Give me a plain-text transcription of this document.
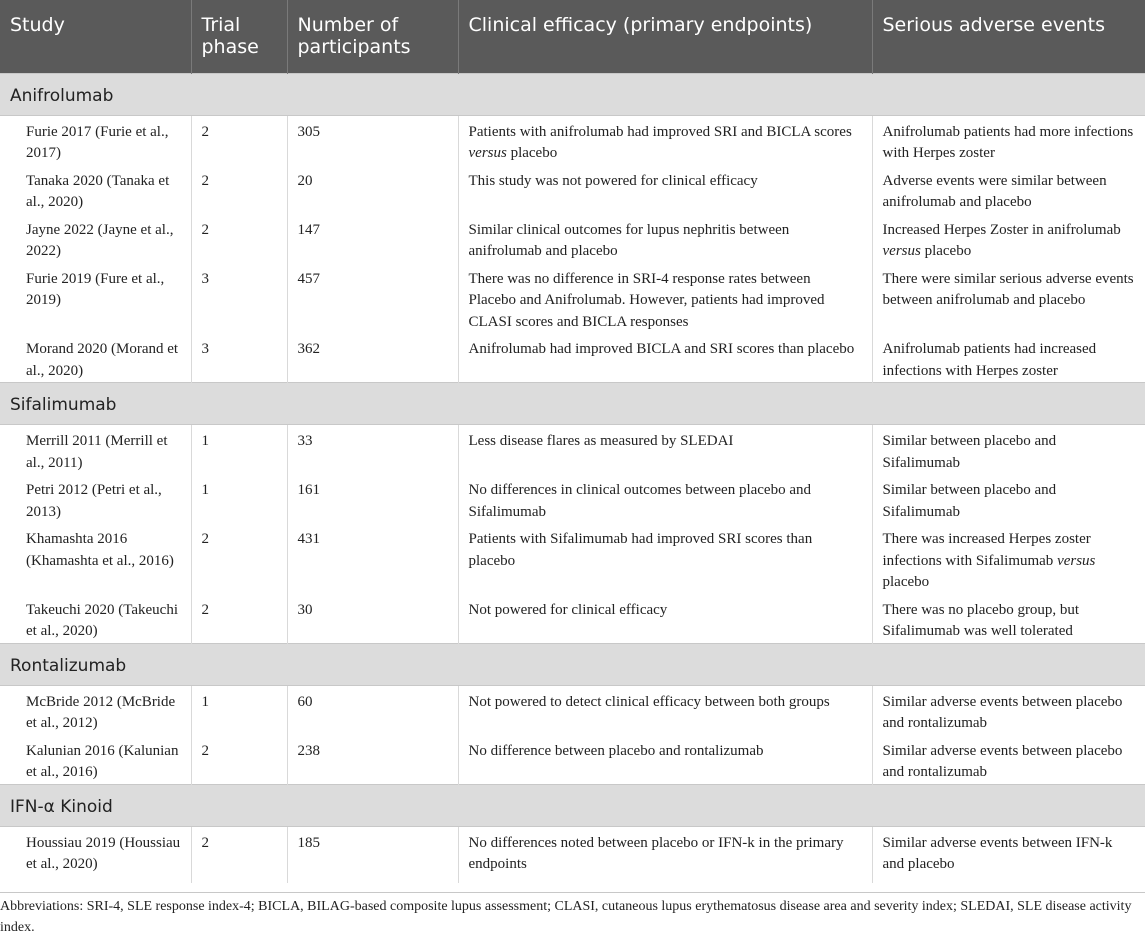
Study	Trial phase	Number of participants	Clinical efficacy (primary endpoints)	Serious adverse events
Anifrolumab				
Furie 2017 (Furie et al., 2017)	2	305	Patients with anifrolumab had improved SRI and BICLA scores versus placebo	Anifrolumab patients had more infections with Herpes zoster
Tanaka 2020 (Tanaka et al., 2020)	2	20	This study was not powered for clinical efficacy	Adverse events were similar between anifrolumab and placebo
Jayne 2022 (Jayne et al., 2022)	2	147	Similar clinical outcomes for lupus nephritis between anifrolumab and placebo	Increased Herpes Zoster in anifrolumab versus placebo
Furie 2019 (Fure et al., 2019)	3	457	There was no difference in SRI-4 response rates between Placebo and Anifrolumab. However, patients had improved CLASI scores and BICLA responses	There were similar serious adverse events between anifrolumab and placebo
Morand 2020 (Morand et al., 2020)	3	362	Anifrolumab had improved BICLA and SRI scores than placebo	Anifrolumab patients had increased infections with Herpes zoster
Sifalimumab				
Merrill 2011 (Merrill et al., 2011)	1	33	Less disease flares as measured by SLEDAI	Similar between placebo and Sifalimumab
Petri 2012 (Petri et al., 2013)	1	161	No differences in clinical outcomes between placebo and Sifalimumab	Similar between placebo and Sifalimumab
Khamashta 2016 (Khamashta et al., 2016)	2	431	Patients with Sifalimumab had improved SRI scores than placebo	There was increased Herpes zoster infections with Sifalimumab versus placebo
Takeuchi 2020 (Takeuchi et al., 2020)	2	30	Not powered for clinical efficacy	There was no placebo group, but Sifalimumab was well tolerated
Rontalizumab				
McBride 2012 (McBride et al., 2012)	1	60	Not powered to detect clinical efficacy between both groups	Similar adverse events between placebo and rontalizumab
Kalunian 2016 (Kalunian et al., 2016)	2	238	No difference between placebo and rontalizumab	Similar adverse events between placebo and rontalizumab
IFN-α Kinoid				
Houssiau 2019 (Houssiau et al., 2020)	2	185	No differences noted between placebo or IFN-k in the primary endpoints	Similar adverse events between IFN-k and placebo
Abbreviations: SRI-4, SLE response index-4; BICLA, BILAG-based composite lupus assessment; CLASI, cutaneous lupus erythematosus disease area and severity index; SLEDAI, SLE disease activity index.
